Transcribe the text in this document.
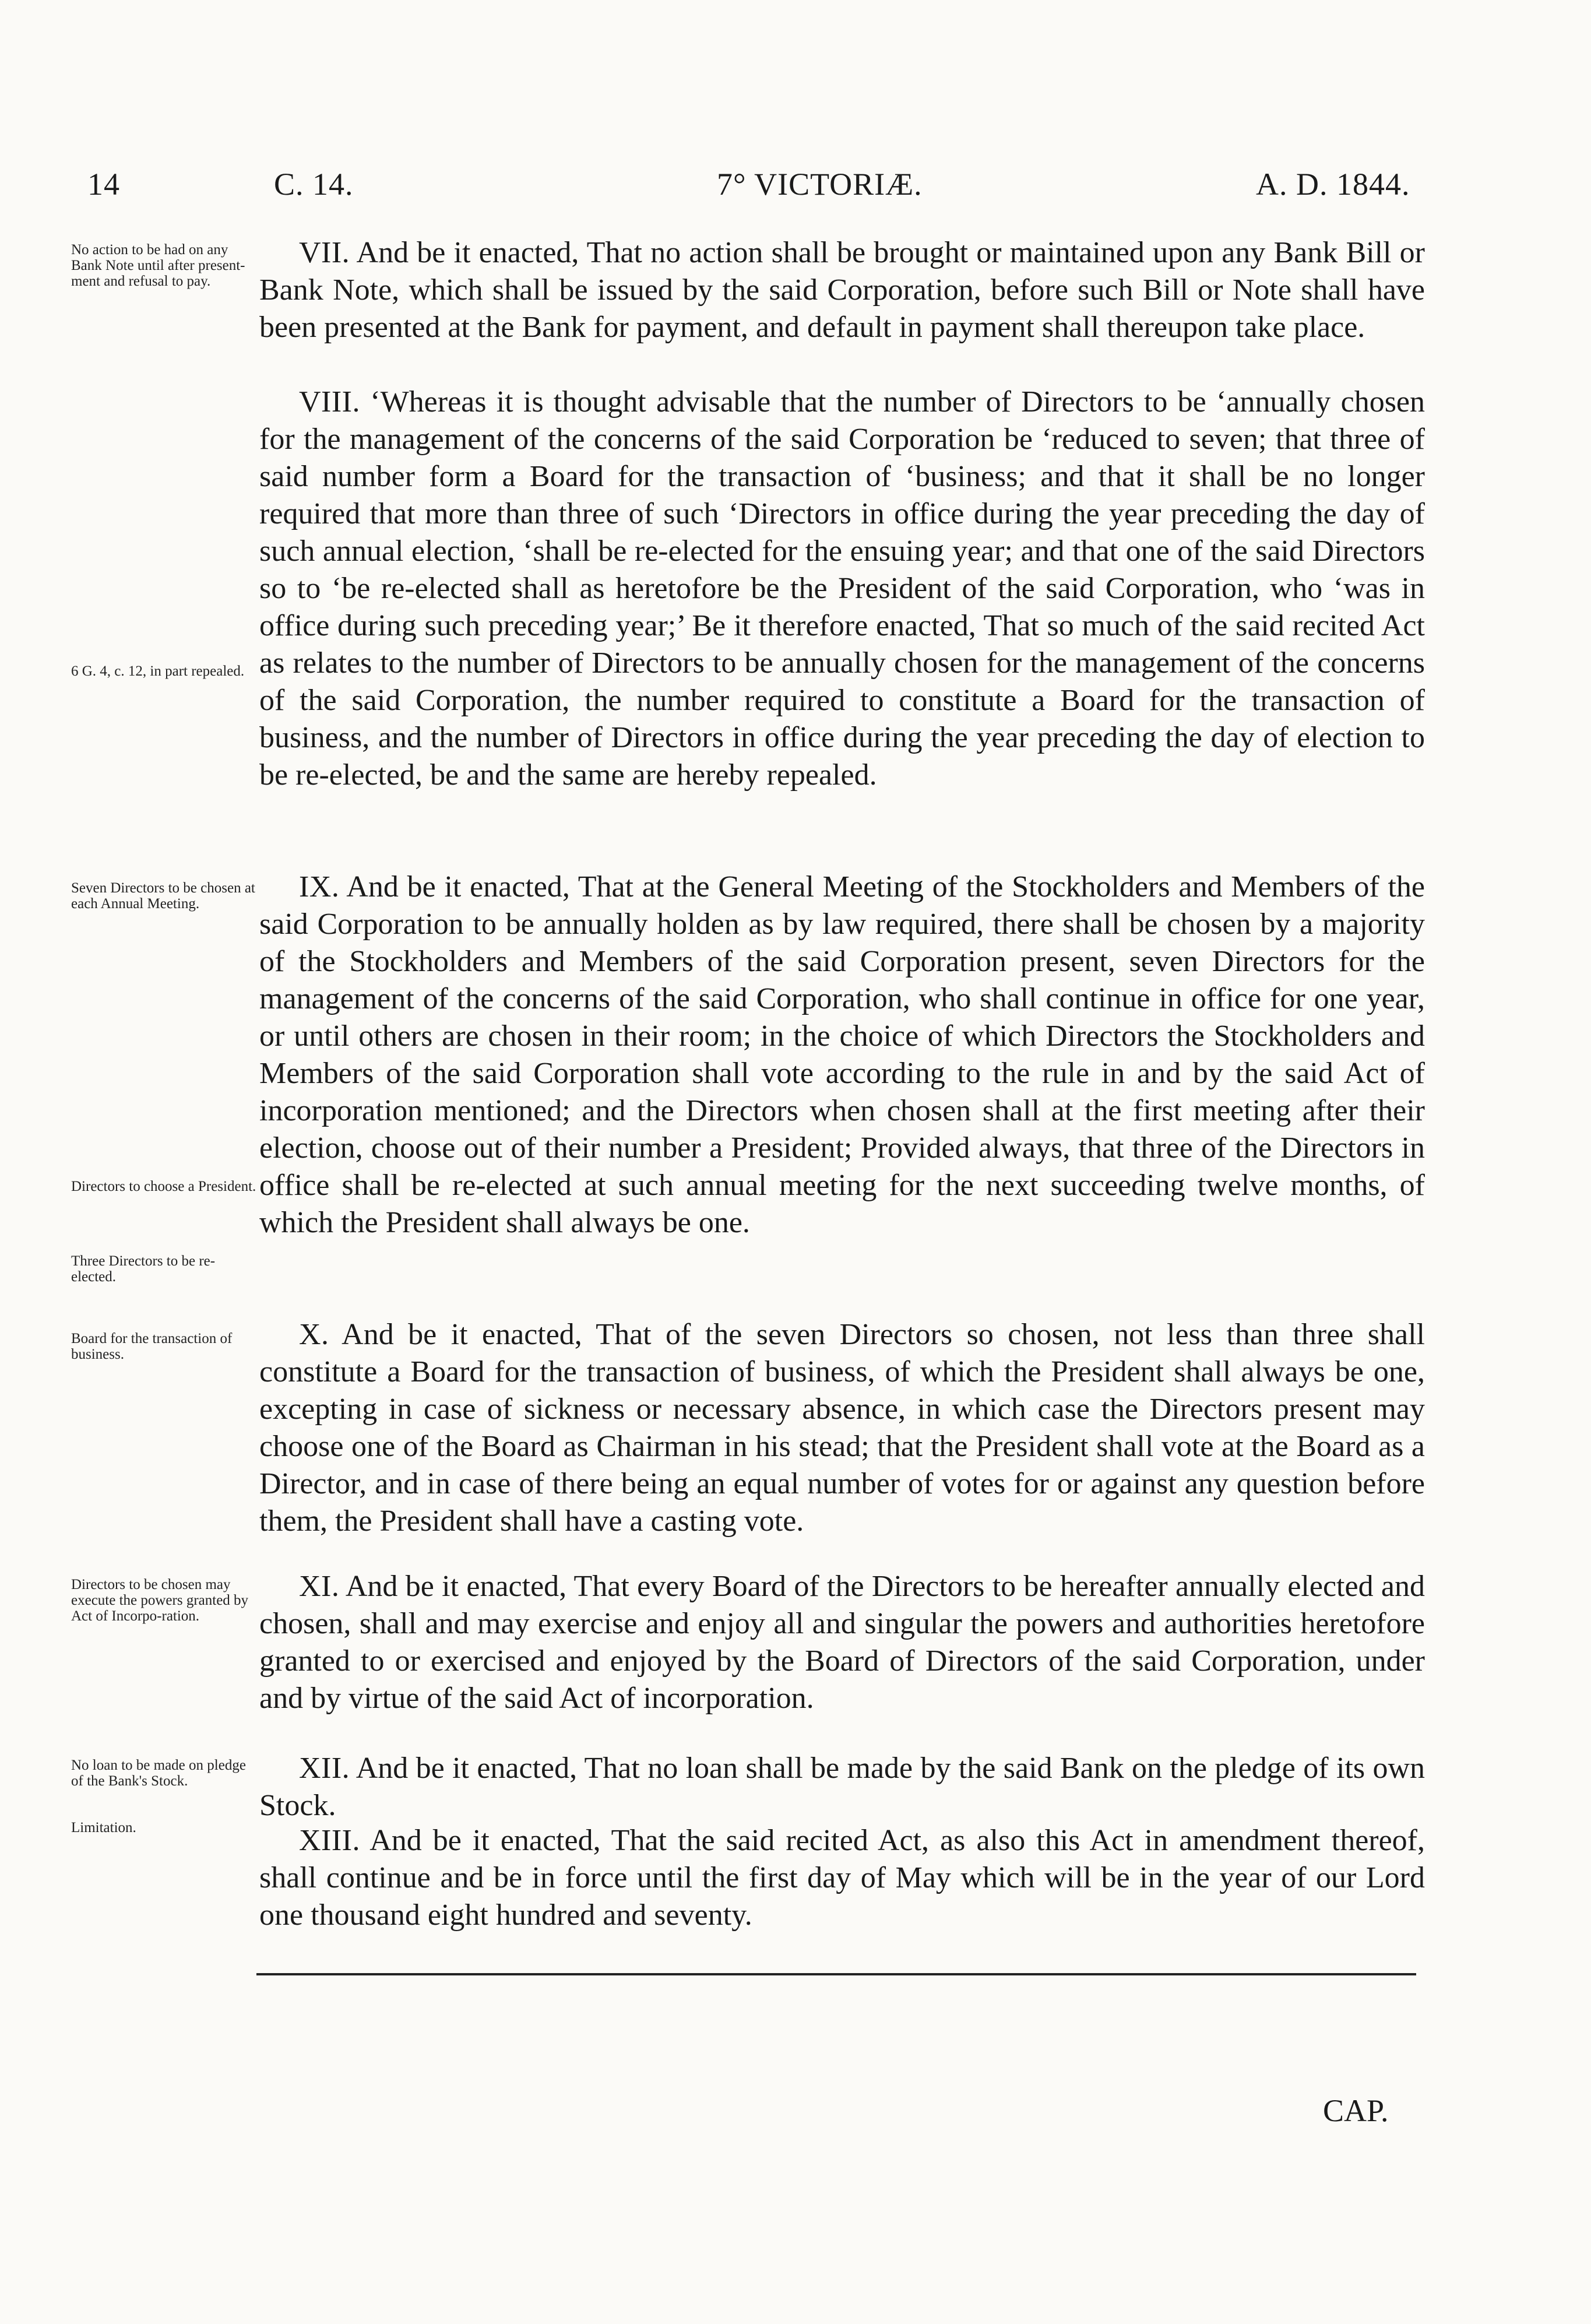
14	C. 14.	7° VICTORIÆ.	A. D. 1844.
No action to be had on any Bank Note until after present-ment and refusal to pay.
6 G. 4, c. 12, in part repealed.
Seven Directors to be chosen at each Annual Meeting.
Directors to choose a President.
Three Directors to be re-elected.
Board for the transaction of business.
Directors to be chosen may execute the powers granted by Act of Incorpo-ration.
No loan to be made on pledge of the Bank's Stock.
Limitation.

VII. And be it enacted, That no action shall be brought or maintained upon any Bank Bill or Bank Note, which shall be issued by the said Corporation, before such Bill or Note shall have been presented at the Bank for payment, and default in payment shall thereupon take place.

VIII. ‘Whereas it is thought advisable that the number of Directors to be ‘annually chosen for the management of the concerns of the said Corporation be ‘reduced to seven; that three of said number form a Board for the transaction of ‘business; and that it shall be no longer required that more than three of such ‘Directors in office during the year preceding the day of such annual election, ‘shall be re-elected for the ensuing year; and that one of the said Directors so to ‘be re-elected shall as heretofore be the President of the said Corporation, who ‘was in office during such preceding year;’ Be it therefore enacted, That so much of the said recited Act as relates to the number of Directors to be annually chosen for the management of the concerns of the said Corporation, the number required to constitute a Board for the transaction of business, and the number of Directors in office during the year preceding the day of election to be re-elected, be and the same are hereby repealed.

IX. And be it enacted, That at the General Meeting of the Stockholders and Members of the said Corporation to be annually holden as by law required, there shall be chosen by a majority of the Stockholders and Members of the said Corporation present, seven Directors for the management of the concerns of the said Corporation, who shall continue in office for one year, or until others are chosen in their room; in the choice of which Directors the Stockholders and Members of the said Corporation shall vote according to the rule in and by the said Act of incorporation mentioned; and the Directors when chosen shall at the first meeting after their election, choose out of their number a President; Provided always, that three of the Directors in office shall be re-elected at such annual meeting for the next succeeding twelve months, of which the President shall always be one.

X. And be it enacted, That of the seven Directors so chosen, not less than three shall constitute a Board for the transaction of business, of which the President shall always be one, excepting in case of sickness or necessary absence, in which case the Directors present may choose one of the Board as Chairman in his stead; that the President shall vote at the Board as a Director, and in case of there being an equal number of votes for or against any question before them, the President shall have a casting vote.

XI. And be it enacted, That every Board of the Directors to be hereafter annually elected and chosen, shall and may exercise and enjoy all and singular the powers and authorities heretofore granted to or exercised and enjoyed by the Board of Directors of the said Corporation, under and by virtue of the said Act of incorporation.

XII. And be it enacted, That no loan shall be made by the said Bank on the pledge of its own Stock.

XIII. And be it enacted, That the said recited Act, as also this Act in amendment thereof, shall continue and be in force until the first day of May which will be in the year of our Lord one thousand eight hundred and seventy.

CAP.
